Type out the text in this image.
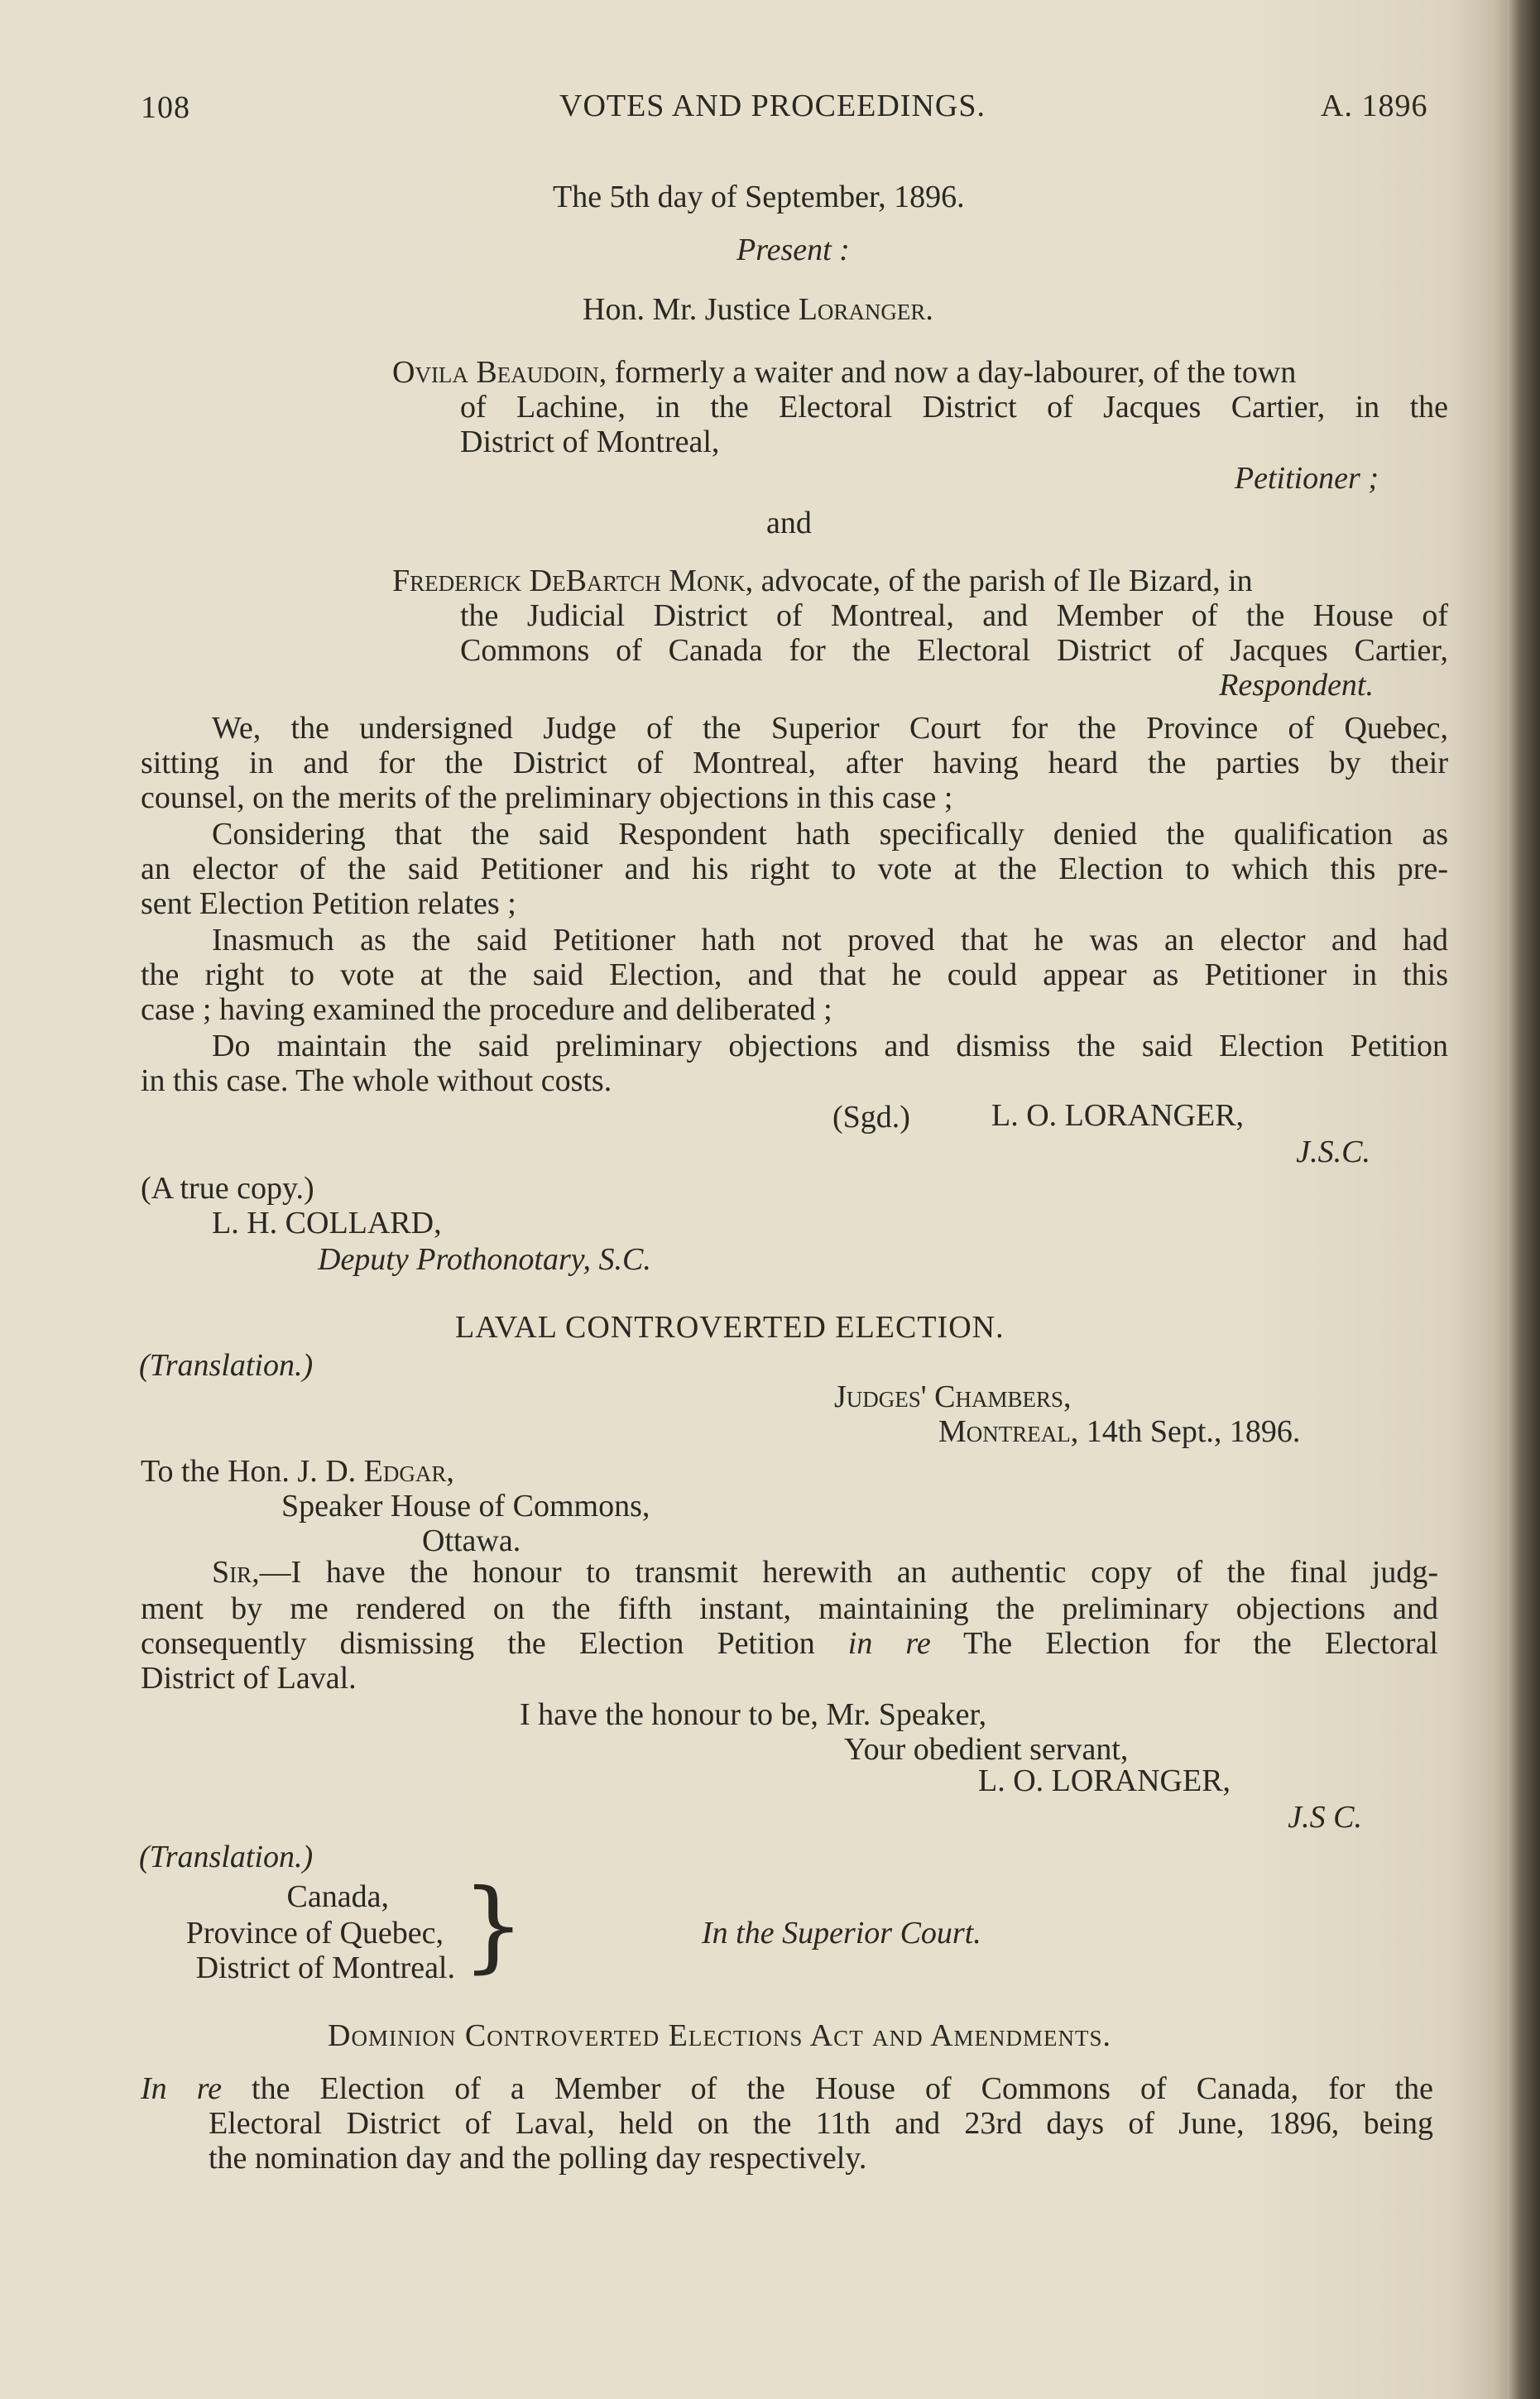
108	VOTES AND PROCEEDINGS.	A. 1896
The 5th day of September, 1896.
Present :
Hon. Mr. Justice Loranger.
Ovila Beaudoin, formerly a waiter and now a day-labourer, of the town
of Lachine, in the Electoral District of Jacques Cartier, in the
District of Montreal,
Petitioner ;
and
Frederick DeBartch Monk, advocate, of the parish of Ile Bizard, in
the Judicial District of Montreal, and Member of the House of
Commons of Canada for the Electoral District of Jacques Cartier,
Respondent.
We, the undersigned Judge of the Superior Court for the Province of Quebec,
sitting in and for the District of Montreal, after having heard the parties by their
counsel, on the merits of the preliminary objections in this case ;
Considering that the said Respondent hath specifically denied the qualification as
an elector of the said Petitioner and his right to vote at the Election to which this pre-
sent Election Petition relates ;
Inasmuch as the said Petitioner hath not proved that he was an elector and had
the right to vote at the said Election, and that he could appear as Petitioner in this
case ; having examined the procedure and deliberated ;
Do maintain the said preliminary objections and dismiss the said Election Petition
in this case. The whole without costs.
(Sgd.)	L. O. LORANGER,
J.S.C.
(A true copy.)
L. H. COLLARD,
Deputy Prothonotary, S.C.
LAVAL CONTROVERTED ELECTION.
(Translation.)
Judges' Chambers,
Montreal, 14th Sept., 1896.
To the Hon. J. D. Edgar,
Speaker House of Commons,
Ottawa.
Sir,—I have the honour to transmit herewith an authentic copy of the final judg-
ment by me rendered on the fifth instant, maintaining the preliminary objections and
consequently dismissing the Election Petition in re The Election for the Electoral
District of Laval.
I have the honour to be, Mr. Speaker,
Your obedient servant,
L. O. LORANGER,
J.S C.
(Translation.)
Canada,
Province of Quebec,
District of Montreal. }	In the Superior Court.
Dominion Controverted Elections Act and Amendments.
In re the Election of a Member of the House of Commons of Canada, for the
Electoral District of Laval, held on the 11th and 23rd days of June, 1896, being
the nomination day and the polling day respectively.
